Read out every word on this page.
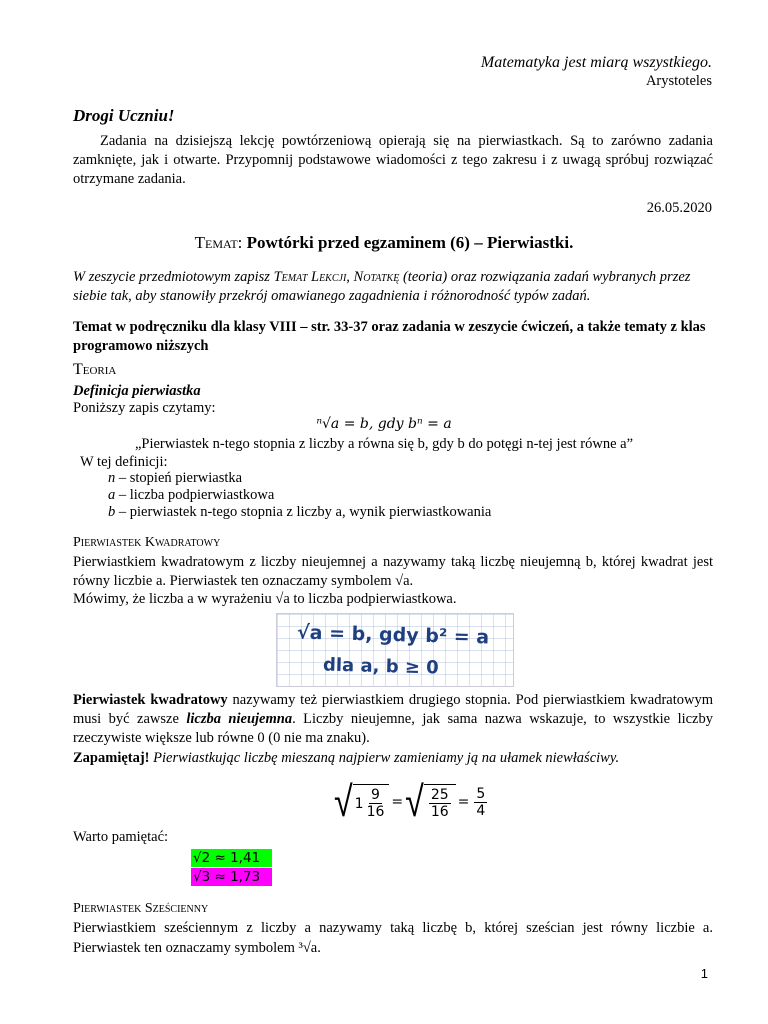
Matematyka jest miarą wszystkiego.
Arystoteles
Drogi Uczniu!
Zadania na dzisiejszą lekcję powtórzeniową opierają się na pierwiastkach. Są to zarówno zadania zamknięte, jak i otwarte. Przypomnij podstawowe wiadomości z tego zakresu i z uwagą spróbuj rozwiązać otrzymane zadania.
26.05.2020
Temat: Powtórki przed egzaminem (6) – Pierwiastki.
W zeszycie przedmiotowym zapisz Temat Lekcji, Notatkę (teoria) oraz rozwiązania zadań wybranych przez siebie tak, aby stanowiły przekrój omawianego zagadnienia i różnorodność typów zadań.
Temat w podręczniku dla klasy VIII – str. 33-37 oraz zadania w zeszycie ćwiczeń, a także tematy z klas programowo niższych
Teoria
Definicja pierwiastka
Poniższy zapis czytamy:
ⁿ√a = b, gdy bⁿ = a
„Pierwiastek n-tego stopnia z liczby a równa się b, gdy b do potęgi n-tej jest równe a”
W tej definicji:
n – stopień pierwiastka
a – liczba podpierwiastkowa
b – pierwiastek n-tego stopnia z liczby a, wynik pierwiastkowania
Pierwiastek Kwadratowy
Pierwiastkiem kwadratowym z liczby nieujemnej a nazywamy taką liczbę nieujemną b, której kwadrat jest równy liczbie a. Pierwiastek ten oznaczamy symbolem √a.
Mówimy, że liczba a w wyrażeniu √a to liczba podpierwiastkowa.
√a = b, gdy b² = a
dla a, b ≥ 0
Pierwiastek kwadratowy nazywamy też pierwiastkiem drugiego stopnia. Pod pierwiastkiem kwadratowym musi być zawsze liczba nieujemna. Liczby nieujemne, jak sama nazwa wskazuje, to wszystkie liczby rzeczywiste większe lub równe 0 (0 nie ma znaku).
Zapamiętaj! Pierwiastkując liczbę mieszaną najpierw zamieniamy ją na ułamek niewłaściwy.
√ $1 \frac{9}{16}$ = √ $\frac{25}{16} = \frac{5}{4}$
Warto pamiętać:
√2 ≈ 1,41
√3 ≈ 1,73
Pierwiastek Sześcienny
Pierwiastkiem sześciennym z liczby a nazywamy taką liczbę b, której sześcian jest równy liczbie a. Pierwiastek ten oznaczamy symbolem ³√a.
1
